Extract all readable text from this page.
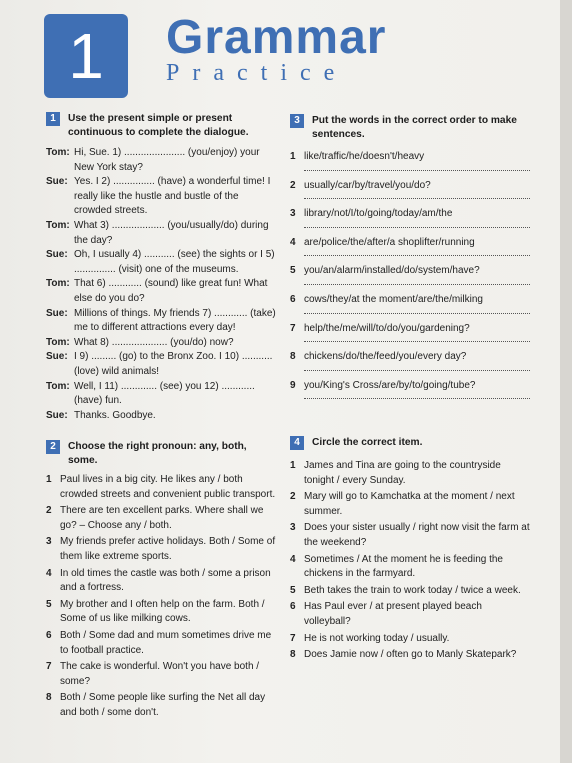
1	Grammar
Practice
1	Use the present simple or present continuous to complete the dialogue.
Tom: Hi, Sue. 1) ...................... (you/enjoy) your New York stay?
Sue: Yes. I 2) ............... (have) a wonderful time! I really like the hustle and bustle of the crowded streets.
Tom: What 3) ................... (you/usually/do) during the day?
Sue: Oh, I usually 4) ........... (see) the sights or I 5) ............... (visit) one of the museums.
Tom: That 6) ............ (sound) like great fun! What else do you do?
Sue: Millions of things. My friends 7) ............ (take) me to different attractions every day!
Tom: What 8) .................... (you/do) now?
Sue: I 9) ......... (go) to the Bronx Zoo. I 10) ........... (love) wild animals!
Tom: Well, I 11) ............. (see) you 12) ............ (have) fun.
Sue: Thanks. Goodbye.
2	Choose the right pronoun: any, both, some.
1 Paul lives in a big city. He likes any / both crowded streets and convenient public transport.
2 There are ten excellent parks. Where shall we go? – Choose any / both.
3 My friends prefer active holidays. Both / Some of them like extreme sports.
4 In old times the castle was both / some a prison and a fortress.
5 My brother and I often help on the farm. Both / Some of us like milking cows.
6 Both / Some dad and mum sometimes drive me to football practice.
7 The cake is wonderful. Won't you have both / some?
8 Both / Some people like surfing the Net all day and both / some don't.
3	Put the words in the correct order to make sentences.
1 like/traffic/he/doesn't/heavy
2 usually/car/by/travel/you/do?
3 library/not/I/to/going/today/am/the
4 are/police/the/after/a shoplifter/running
5 you/an/alarm/installed/do/system/have?
6 cows/they/at the moment/are/the/milking
7 help/the/me/will/to/do/you/gardening?
8 chickens/do/the/feed/you/every day?
9 you/King's Cross/are/by/to/going/tube?
4	Circle the correct item.
1 James and Tina are going to the countryside tonight / every Sunday.
2 Mary will go to Kamchatka at the moment / next summer.
3 Does your sister usually / right now visit the farm at the weekend?
4 Sometimes / At the moment he is feeding the chickens in the farmyard.
5 Beth takes the train to work today / twice a week.
6 Has Paul ever / at present played beach volleyball?
7 He is not working today / usually.
8 Does Jamie now / often go to Manly Skatepark?
